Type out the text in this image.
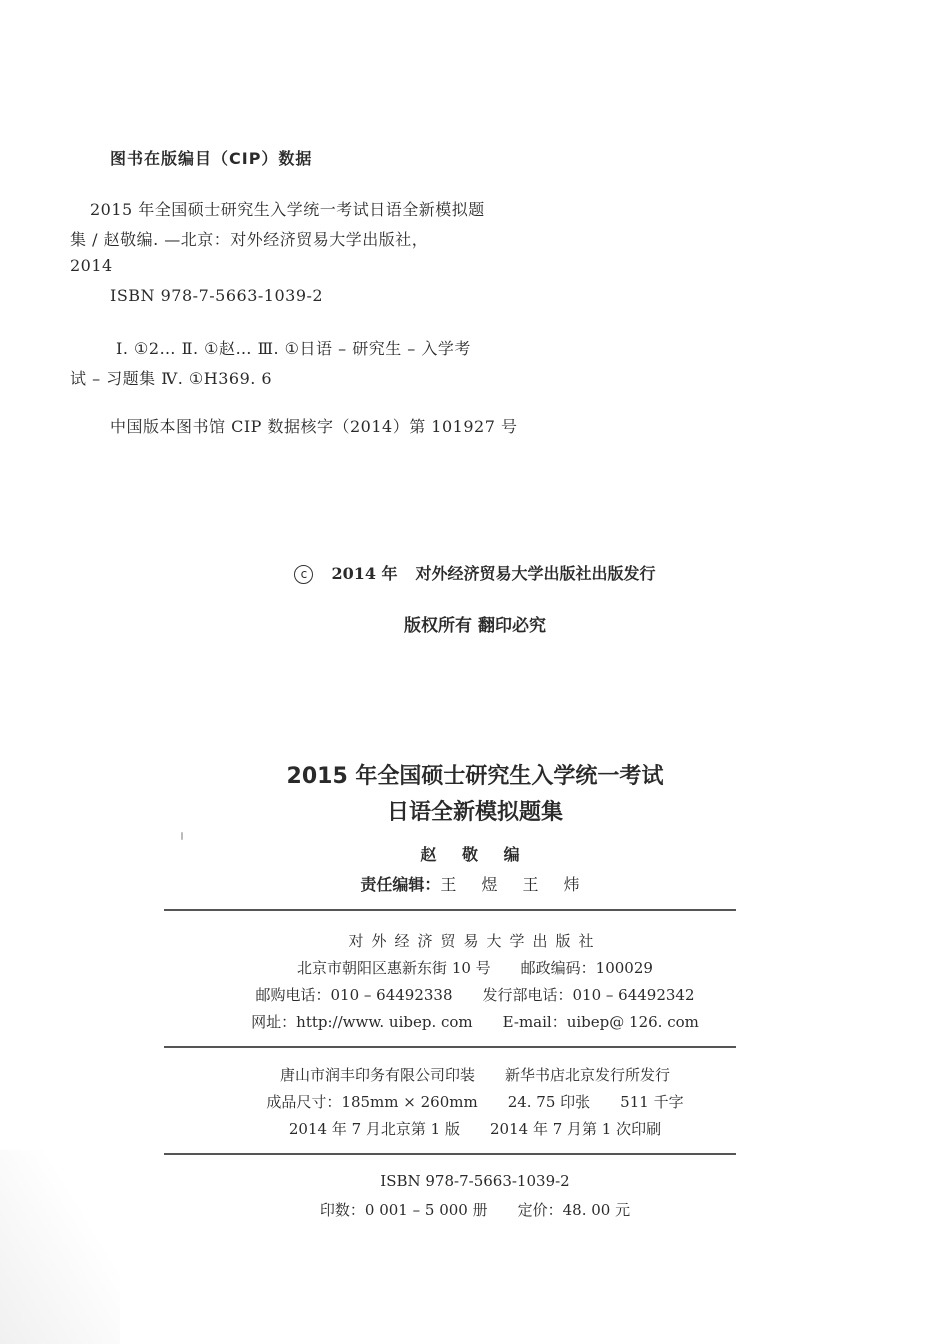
图书在版编目（CIP）数据
2015 年全国硕士研究生入学统一考试日语全新模拟题
集 / 赵敬编. —北京：对外经济贸易大学出版社，
2014
ISBN 978-7-5663-1039-2
Ⅰ. ①2… Ⅱ. ①赵… Ⅲ. ①日语 – 研究生 – 入学考
试 – 习题集 Ⅳ. ①H369. 6
中国版本图书馆 CIP 数据核字（2014）第 101927 号
c 2014 年 对外经济贸易大学出版社出版发行
版权所有 翻印必究
2015 年全国硕士研究生入学统一考试
日语全新模拟题集
赵 敬 编
责任编辑：王 煜 王 炜
对外经济贸易大学出版社
北京市朝阳区惠新东街 10 号 邮政编码：100029
邮购电话：010 – 64492338 发行部电话：010 – 64492342
网址：http://www. uibep. com E-mail：uibep@ 126. com
唐山市润丰印务有限公司印装 新华书店北京发行所发行
成品尺寸：185mm × 260mm 24. 75 印张 511 千字
2014 年 7 月北京第 1 版 2014 年 7 月第 1 次印刷
ISBN 978-7-5663-1039-2
印数：0 001 – 5 000 册 定价：48. 00 元
